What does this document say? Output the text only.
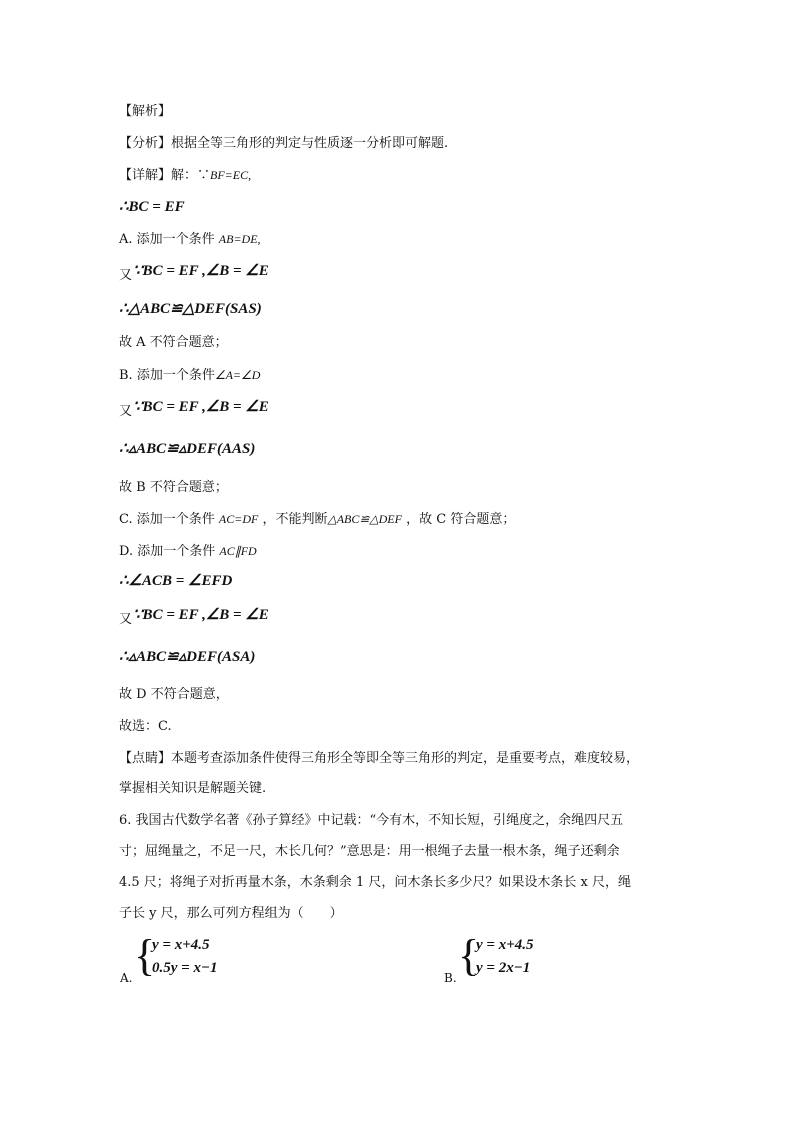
【解析】
【分析】根据全等三角形的判定与性质逐一分析即可解题.
【详解】解：∵BF=EC,
∴BC = EF
A. 添加一个条件 AB=DE,
又∵BC = EF ,∠B = ∠E
∴△ABC≌△DEF(SAS)
故 A 不符合题意；
B. 添加一个条件∠A=∠D
又∵BC = EF ,∠B = ∠E
∴▵ABC≌▵DEF(AAS)
故 B 不符合题意；
C. 添加一个条件 AC=DF ，不能判断△ABC≌△DEF ，故 C 符合题意；
D. 添加一个条件 AC∥FD
∴∠ACB = ∠EFD
又∵BC = EF ,∠B = ∠E
∴▵ABC≌▵DEF(ASA)
故 D 不符合题意，
故选：C.
【点睛】本题考查添加条件使得三角形全等即全等三角形的判定，是重要考点，难度较易，
掌握相关知识是解题关键.
6. 我国古代数学名著《孙子算经》中记载：“今有木，不知长短，引绳度之，余绳四尺五
寸；屈绳量之，不足一尺，木长几何？”意思是：用一根绳子去量一根木条，绳子还剩余
4.5 尺；将绳子对折再量木条，木条剩余 1 尺，问木条长多少尺？如果设木条长 x 尺，绳
子长 y 尺，那么可列方程组为（　　）
A. {
y = x+4.5
0.5y = x−1
B. {
y = x+4.5
y = 2x−1
